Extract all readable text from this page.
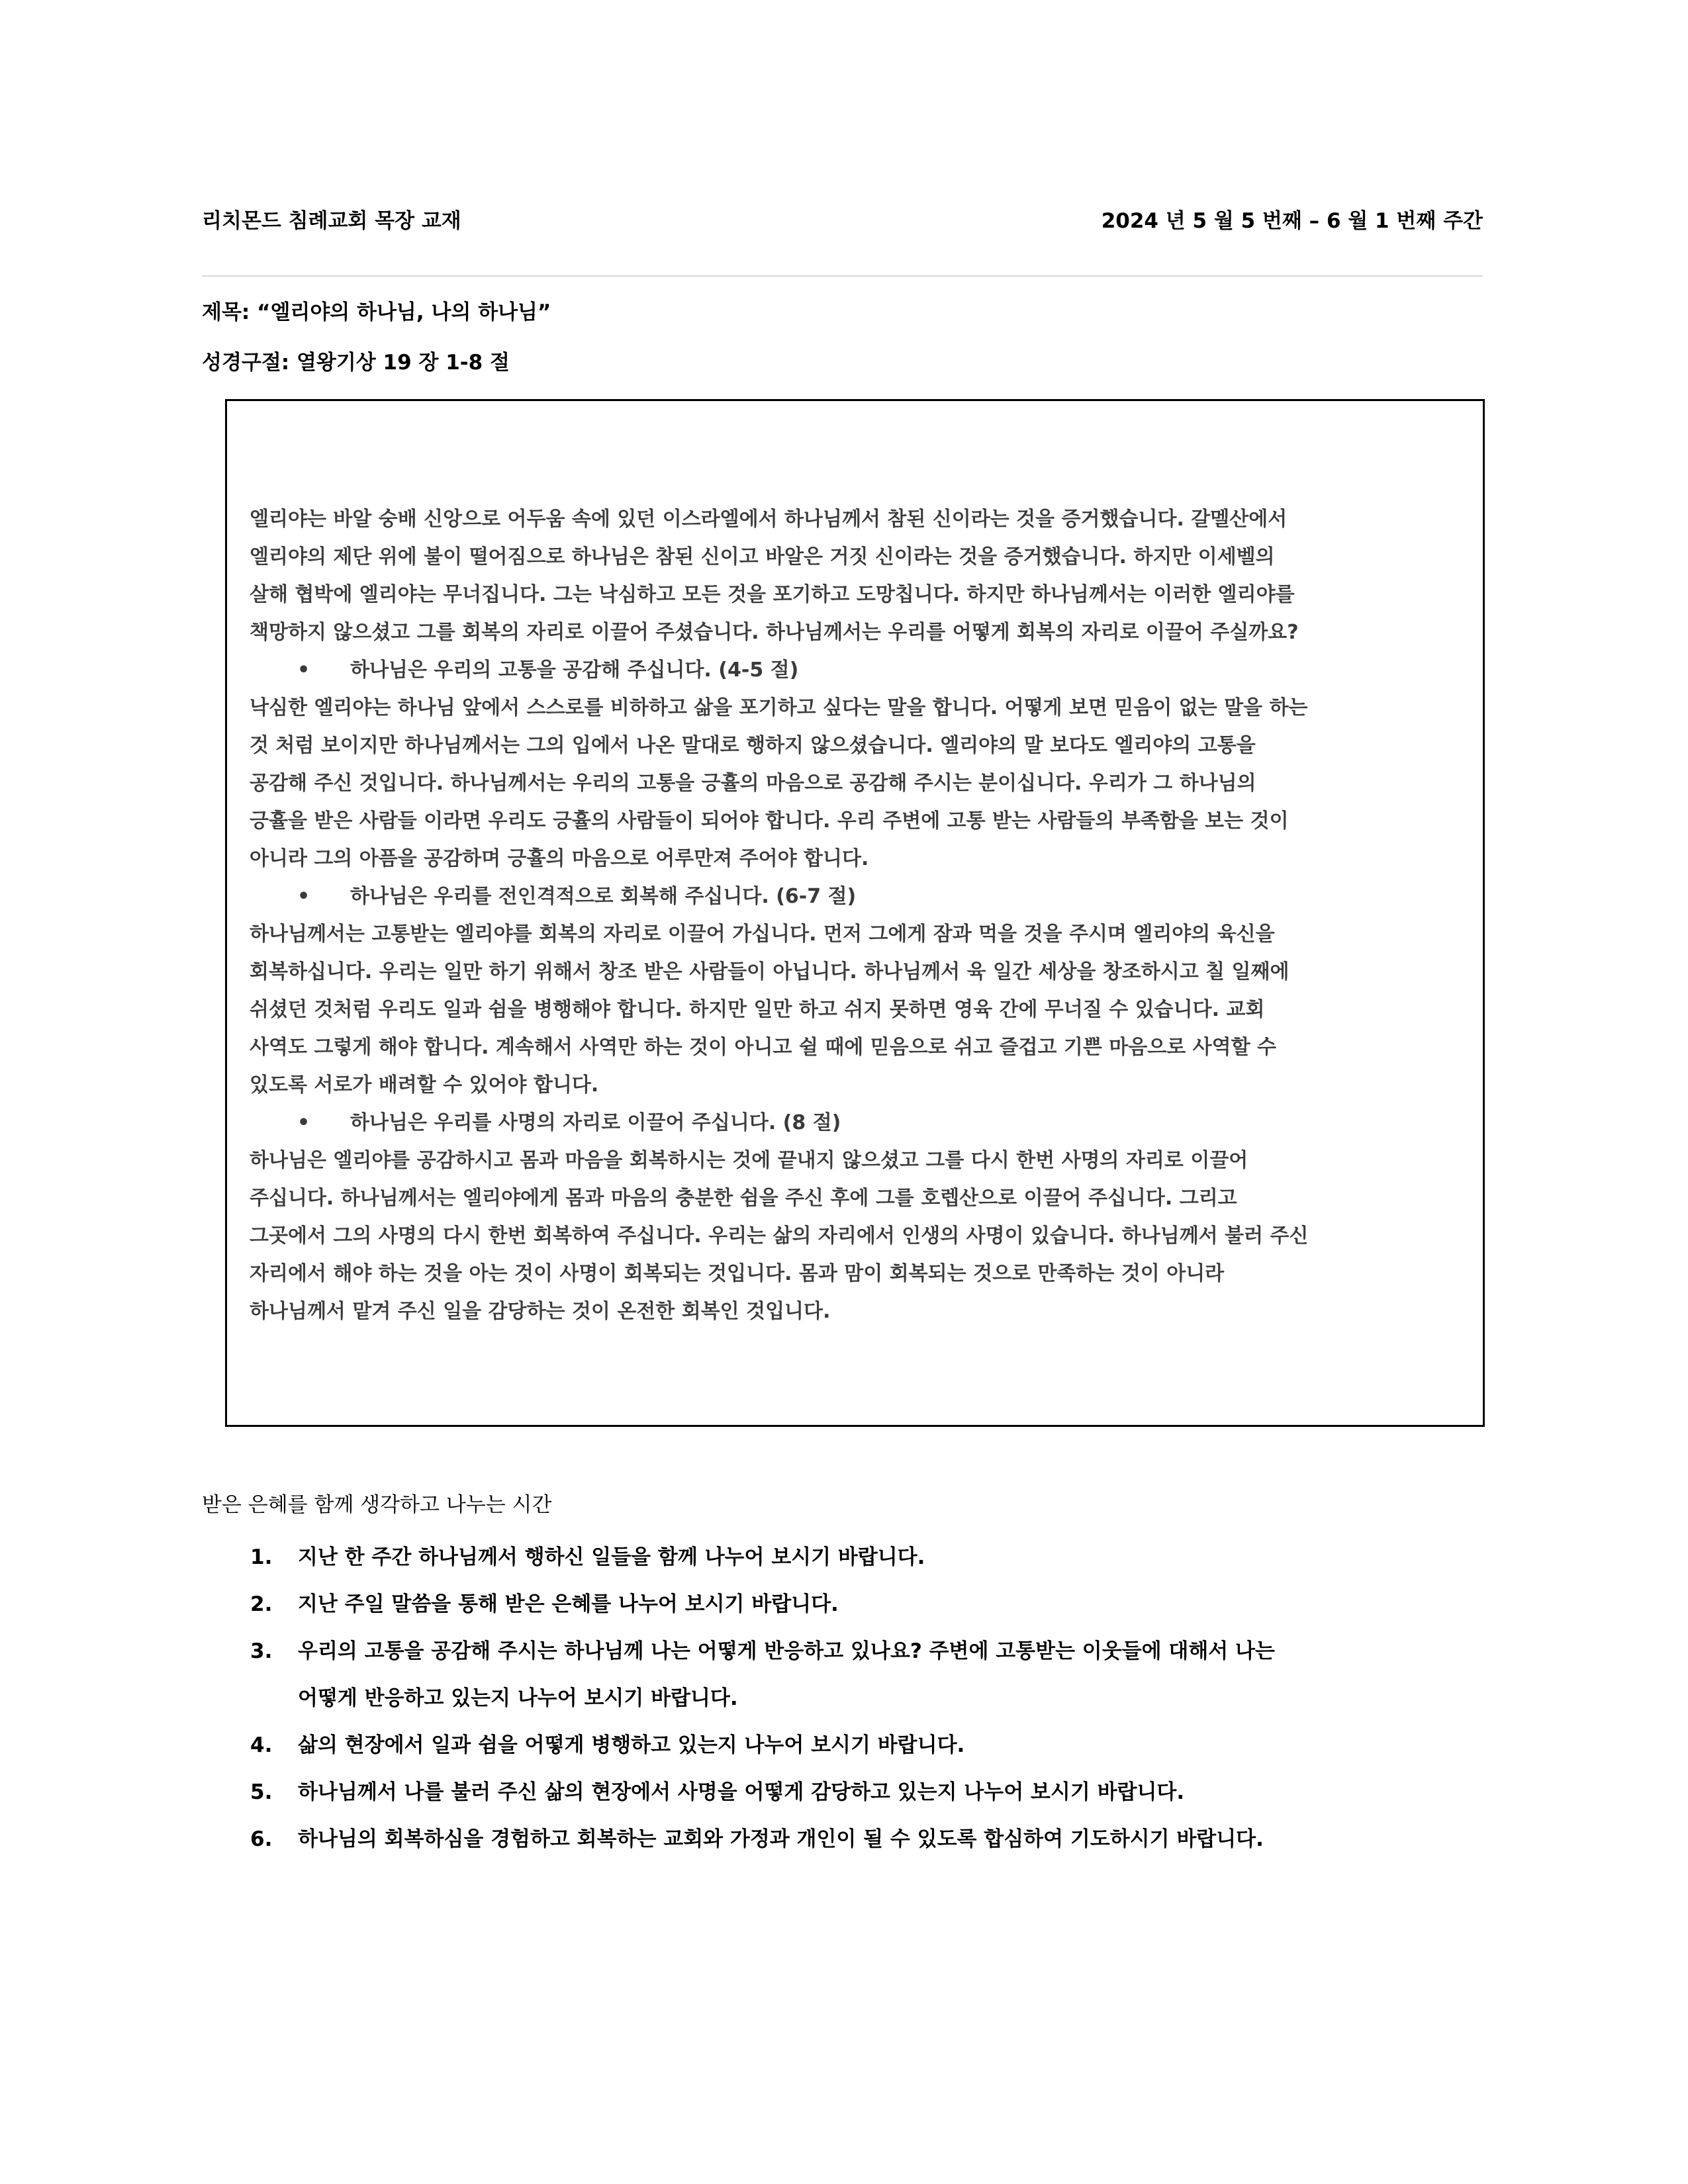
리치몬드 침례교회 목장 교재	2024 년 5 월 5 번째 – 6 월 1 번째 주간
제목: “엘리야의 하나님, 나의 하나님”
성경구절: 열왕기상 19 장 1-8 절
엘리야는 바알 숭배 신앙으로 어두움 속에 있던 이스라엘에서 하나님께서 참된 신이라는 것을 증거했습니다. 갈멜산에서
엘리야의 제단 위에 불이 떨어짐으로 하나님은 참된 신이고 바알은 거짓 신이라는 것을 증거했습니다. 하지만 이세벨의
살해 협박에 엘리야는 무너집니다. 그는 낙심하고 모든 것을 포기하고 도망칩니다. 하지만 하나님께서는 이러한 엘리야를
책망하지 않으셨고 그를 회복의 자리로 이끌어 주셨습니다. 하나님께서는 우리를 어떻게 회복의 자리로 이끌어 주실까요?
• 하나님은 우리의 고통을 공감해 주십니다. (4-5 절)
낙심한 엘리야는 하나님 앞에서 스스로를 비하하고 삶을 포기하고 싶다는 말을 합니다. 어떻게 보면 믿음이 없는 말을 하는
것 처럼 보이지만 하나님께서는 그의 입에서 나온 말대로 행하지 않으셨습니다. 엘리야의 말 보다도 엘리야의 고통을
공감해 주신 것입니다. 하나님께서는 우리의 고통을 긍휼의 마음으로 공감해 주시는 분이십니다. 우리가 그 하나님의
긍휼을 받은 사람들 이라면 우리도 긍휼의 사람들이 되어야 합니다. 우리 주변에 고통 받는 사람들의 부족함을 보는 것이
아니라 그의 아픔을 공감하며 긍휼의 마음으로 어루만져 주어야 합니다.
• 하나님은 우리를 전인격적으로 회복해 주십니다. (6-7 절)
하나님께서는 고통받는 엘리야를 회복의 자리로 이끌어 가십니다. 먼저 그에게 잠과 먹을 것을 주시며 엘리야의 육신을
회복하십니다. 우리는 일만 하기 위해서 창조 받은 사람들이 아닙니다. 하나님께서 육 일간 세상을 창조하시고 칠 일째에
쉬셨던 것처럼 우리도 일과 쉼을 병행해야 합니다. 하지만 일만 하고 쉬지 못하면 영육 간에 무너질 수 있습니다. 교회
사역도 그렇게 해야 합니다. 계속해서 사역만 하는 것이 아니고 쉴 때에 믿음으로 쉬고 즐겁고 기쁜 마음으로 사역할 수
있도록 서로가 배려할 수 있어야 합니다.
• 하나님은 우리를 사명의 자리로 이끌어 주십니다. (8 절)
하나님은 엘리야를 공감하시고 몸과 마음을 회복하시는 것에 끝내지 않으셨고 그를 다시 한번 사명의 자리로 이끌어
주십니다. 하나님께서는 엘리야에게 몸과 마음의 충분한 쉼을 주신 후에 그를 호렙산으로 이끌어 주십니다. 그리고
그곳에서 그의 사명의 다시 한번 회복하여 주십니다. 우리는 삶의 자리에서 인생의 사명이 있습니다. 하나님께서 불러 주신
자리에서 해야 하는 것을 아는 것이 사명이 회복되는 것입니다. 몸과 맘이 회복되는 것으로 만족하는 것이 아니라
하나님께서 맡겨 주신 일을 감당하는 것이 온전한 회복인 것입니다.
받은 은혜를 함께 생각하고 나누는 시간
1. 지난 한 주간 하나님께서 행하신 일들을 함께 나누어 보시기 바랍니다.
2. 지난 주일 말씀을 통해 받은 은혜를 나누어 보시기 바랍니다.
3. 우리의 고통을 공감해 주시는 하나님께 나는 어떻게 반응하고 있나요? 주변에 고통받는 이웃들에 대해서 나는
어떻게 반응하고 있는지 나누어 보시기 바랍니다.
4. 삶의 현장에서 일과 쉼을 어떻게 병행하고 있는지 나누어 보시기 바랍니다.
5. 하나님께서 나를 불러 주신 삶의 현장에서 사명을 어떻게 감당하고 있는지 나누어 보시기 바랍니다.
6. 하나님의 회복하심을 경험하고 회복하는 교회와 가정과 개인이 될 수 있도록 합심하여 기도하시기 바랍니다.
